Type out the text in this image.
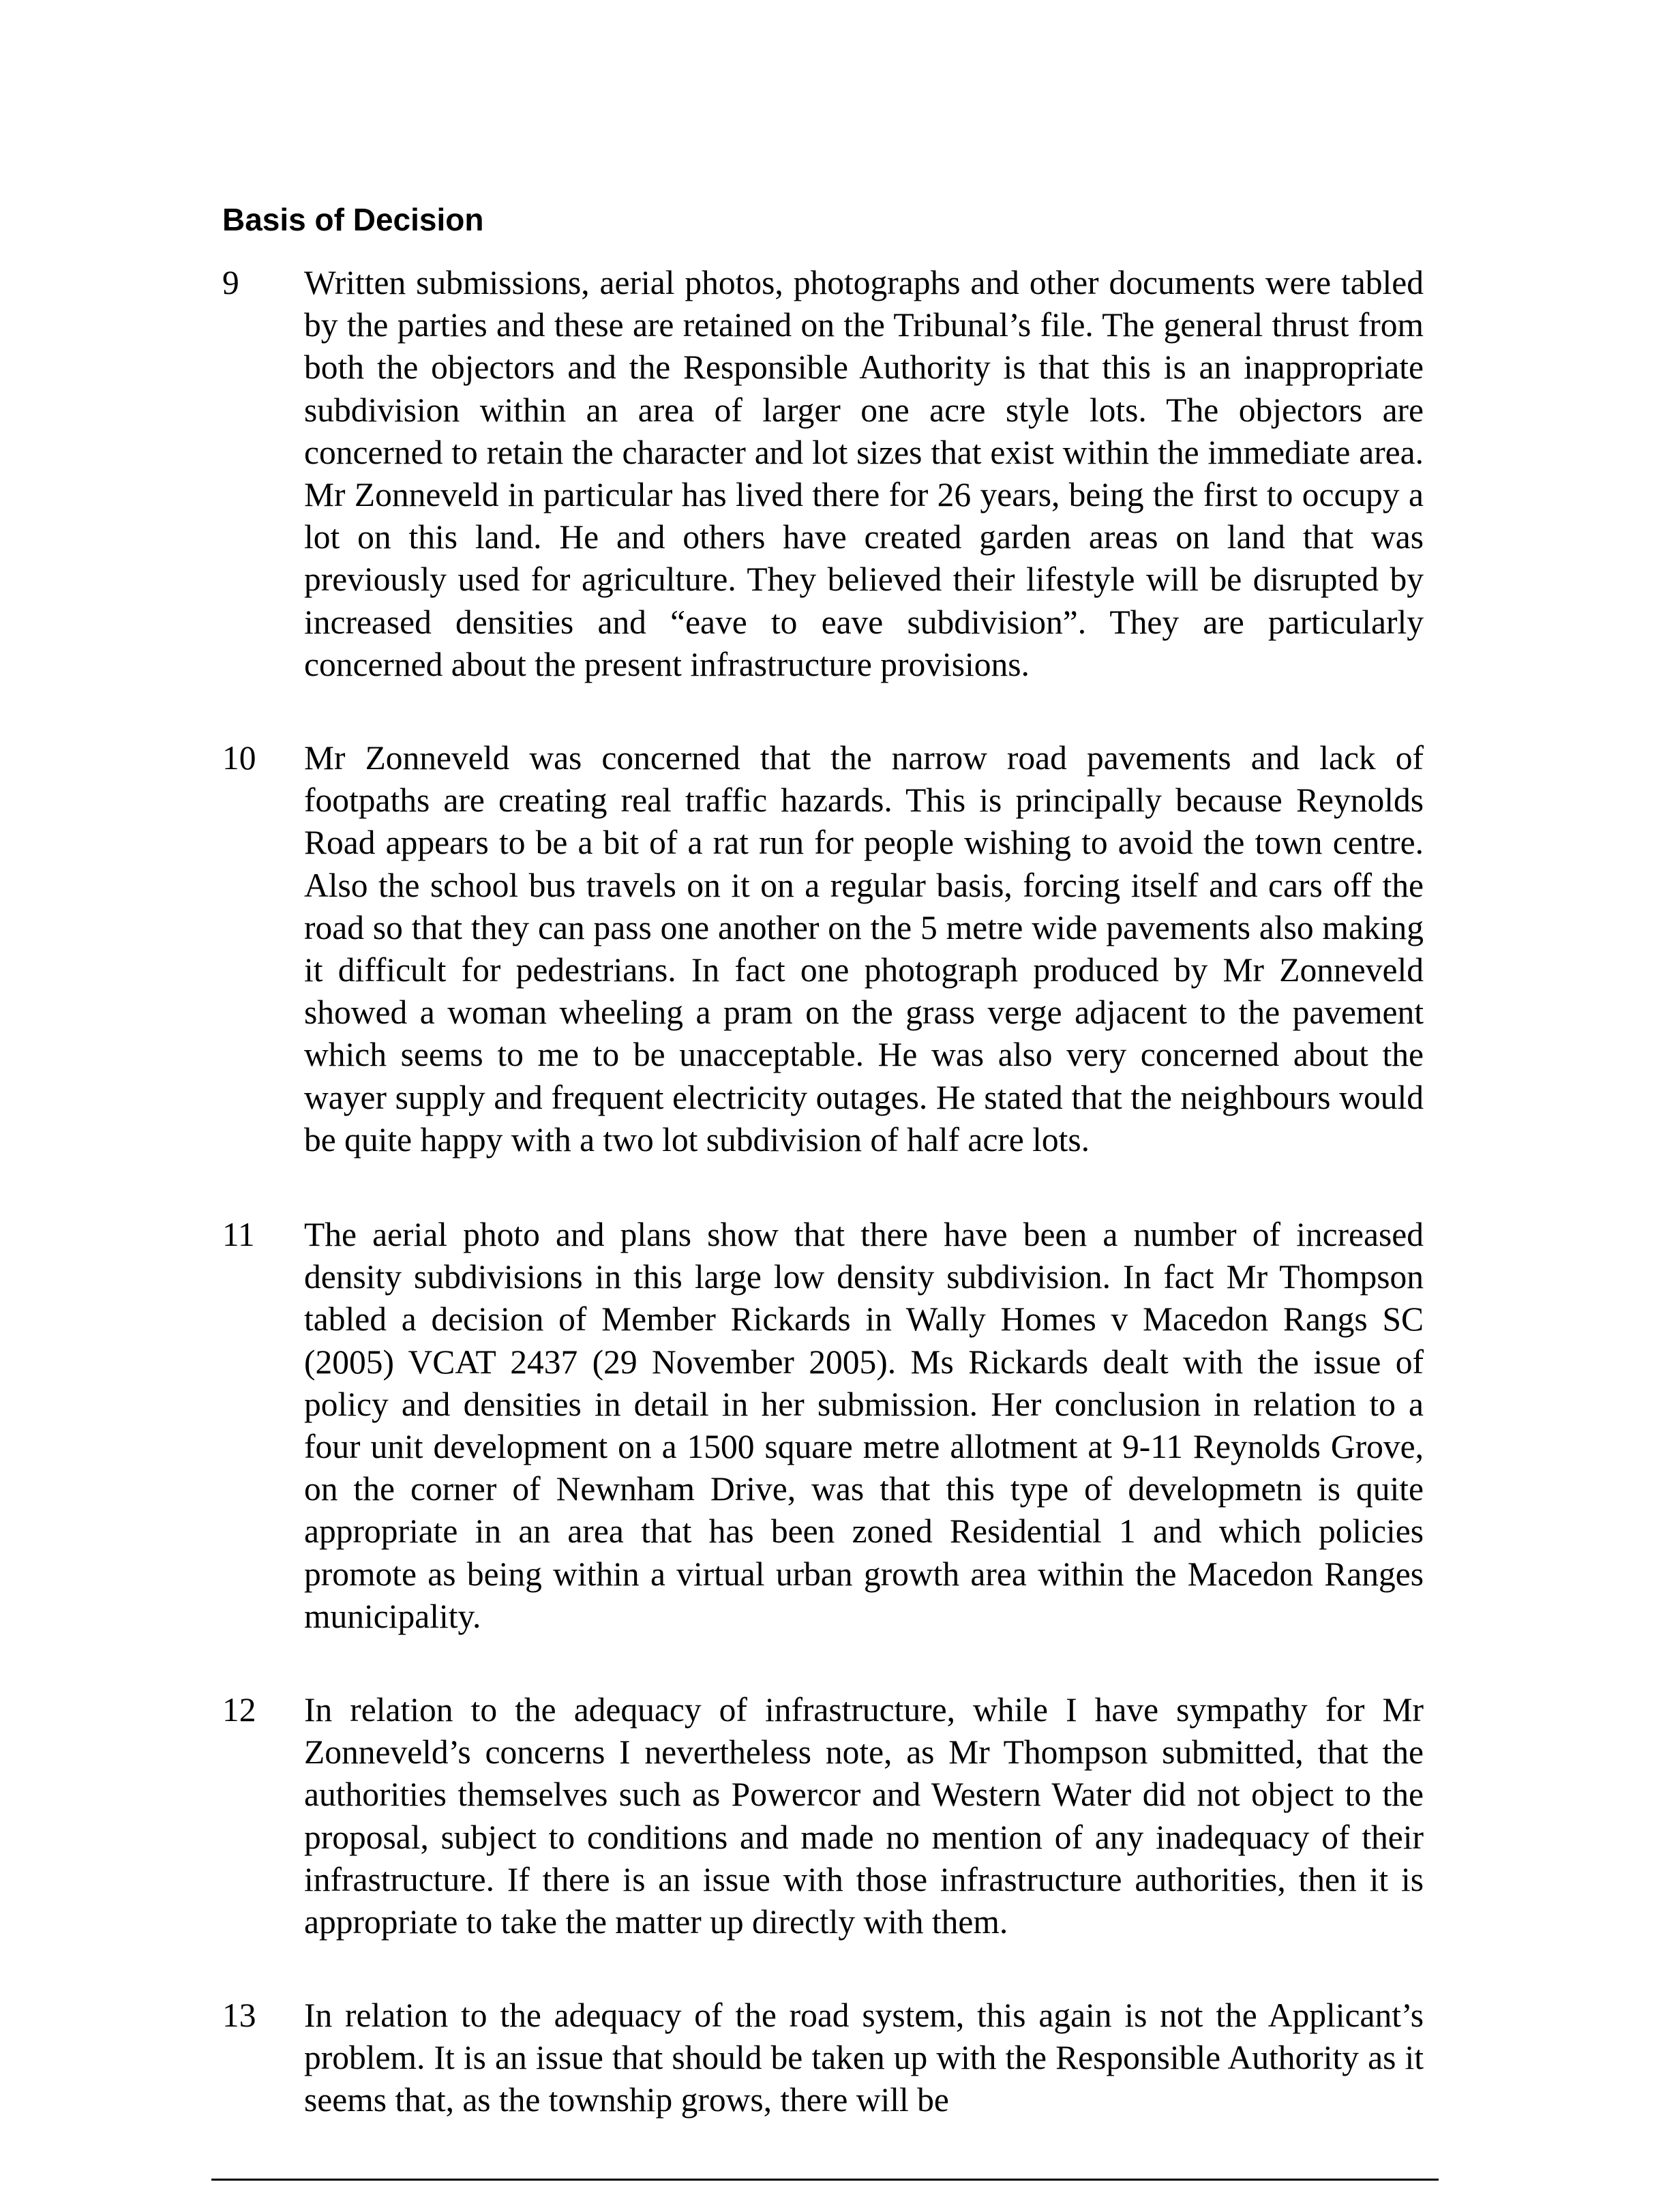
Basis of Decision
9	Written submissions, aerial photos, photographs and other documents were tabled by the parties and these are retained on the Tribunal’s file. The general thrust from both the objectors and the Responsible Authority is that this is an inappropriate subdivision within an area of larger one acre style lots. The objectors are concerned to retain the character and lot sizes that exist within the immediate area. Mr Zonneveld in particular has lived there for 26 years, being the first to occupy a lot on this land. He and others have created garden areas on land that was previously used for agriculture. They believed their lifestyle will be disrupted by increased densities and “eave to eave subdivision”. They are particularly concerned about the present infrastructure provisions.

10	Mr Zonneveld was concerned that the narrow road pavements and lack of footpaths are creating real traffic hazards. This is principally because Reynolds Road appears to be a bit of a rat run for people wishing to avoid the town centre. Also the school bus travels on it on a regular basis, forcing itself and cars off the road so that they can pass one another on the 5 metre wide pavements also making it difficult for pedestrians. In fact one photograph produced by Mr Zonneveld showed a woman wheeling a pram on the grass verge adjacent to the pavement which seems to me to be unacceptable. He was also very concerned about the wayer supply and frequent electricity outages. He stated that the neighbours would be quite happy with a two lot subdivision of half acre lots.

11	The aerial photo and plans show that there have been a number of increased density subdivisions in this large low density subdivision. In fact Mr Thompson tabled a decision of Member Rickards in Wally Homes v Macedon Rangs SC (2005) VCAT 2437 (29 November 2005). Ms Rickards dealt with the issue of policy and densities in detail in her submission. Her conclusion in relation to a four unit development on a 1500 square metre allotment at 9-11 Reynolds Grove, on the corner of Newnham Drive, was that this type of developmetn is quite appropriate in an area that has been zoned Residential 1 and which policies promote as being within a virtual urban growth area within the Macedon Ranges municipality.

12	In relation to the adequacy of infrastructure, while I have sympathy for Mr Zonneveld’s concerns I nevertheless note, as Mr Thompson submitted, that the authorities themselves such as Powercor and Western Water did not object to the proposal, subject to conditions and made no mention of any inadequacy of their infrastructure. If there is an issue with those infrastructure authorities, then it is appropriate to take the matter up directly with them.

13	In relation to the adequacy of the road system, this again is not the Applicant’s problem. It is an issue that should be taken up with the Responsible Authority as it seems that, as the township grows, there will be
